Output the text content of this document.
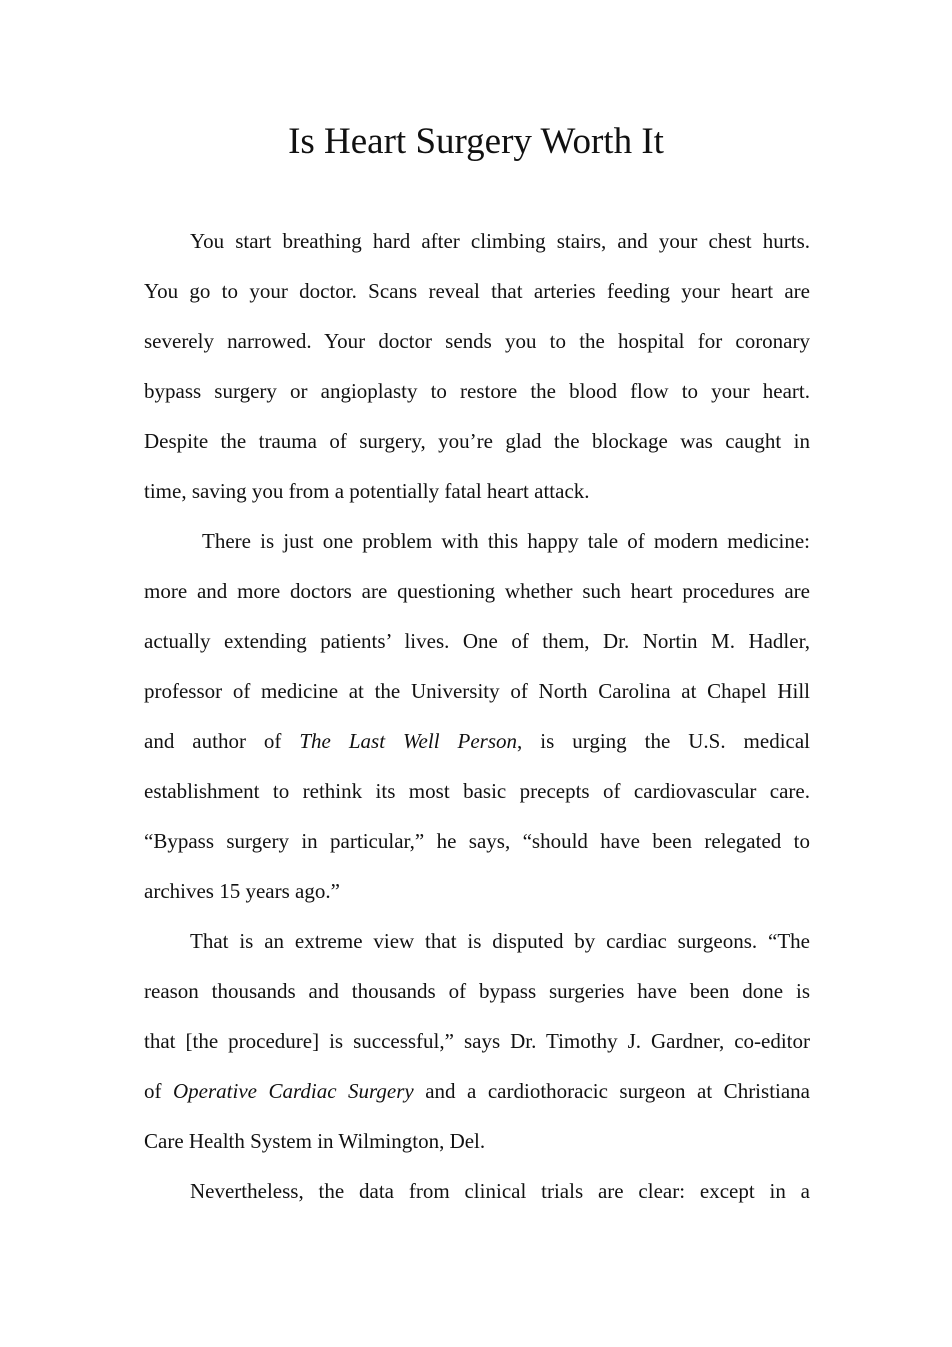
Is Heart Surgery Worth It
You start breathing hard after climbing stairs, and your chest hurts.
You go to your doctor. Scans reveal that arteries feeding your heart are
severely narrowed. Your doctor sends you to the hospital for coronary
bypass surgery or angioplasty to restore the blood flow to your heart.
Despite the trauma of surgery, you’re glad the blockage was caught in
time, saving you from a potentially fatal heart attack.
There is just one problem with this happy tale of modern medicine:
more and more doctors are questioning whether such heart procedures are
actually extending patients’ lives. One of them, Dr. Nortin M. Hadler,
professor of medicine at the University of North Carolina at Chapel Hill
and author of The Last Well Person, is urging the U.S. medical
establishment to rethink its most basic precepts of cardiovascular care.
“Bypass surgery in particular,” he says, “should have been relegated to
archives 15 years ago.”
That is an extreme view that is disputed by cardiac surgeons. “The
reason thousands and thousands of bypass surgeries have been done is
that [the procedure] is successful,” says Dr. Timothy J. Gardner, co-editor
of Operative Cardiac Surgery and a cardiothoracic surgeon at Christiana
Care Health System in Wilmington, Del.
Nevertheless, the data from clinical trials are clear: except in a
